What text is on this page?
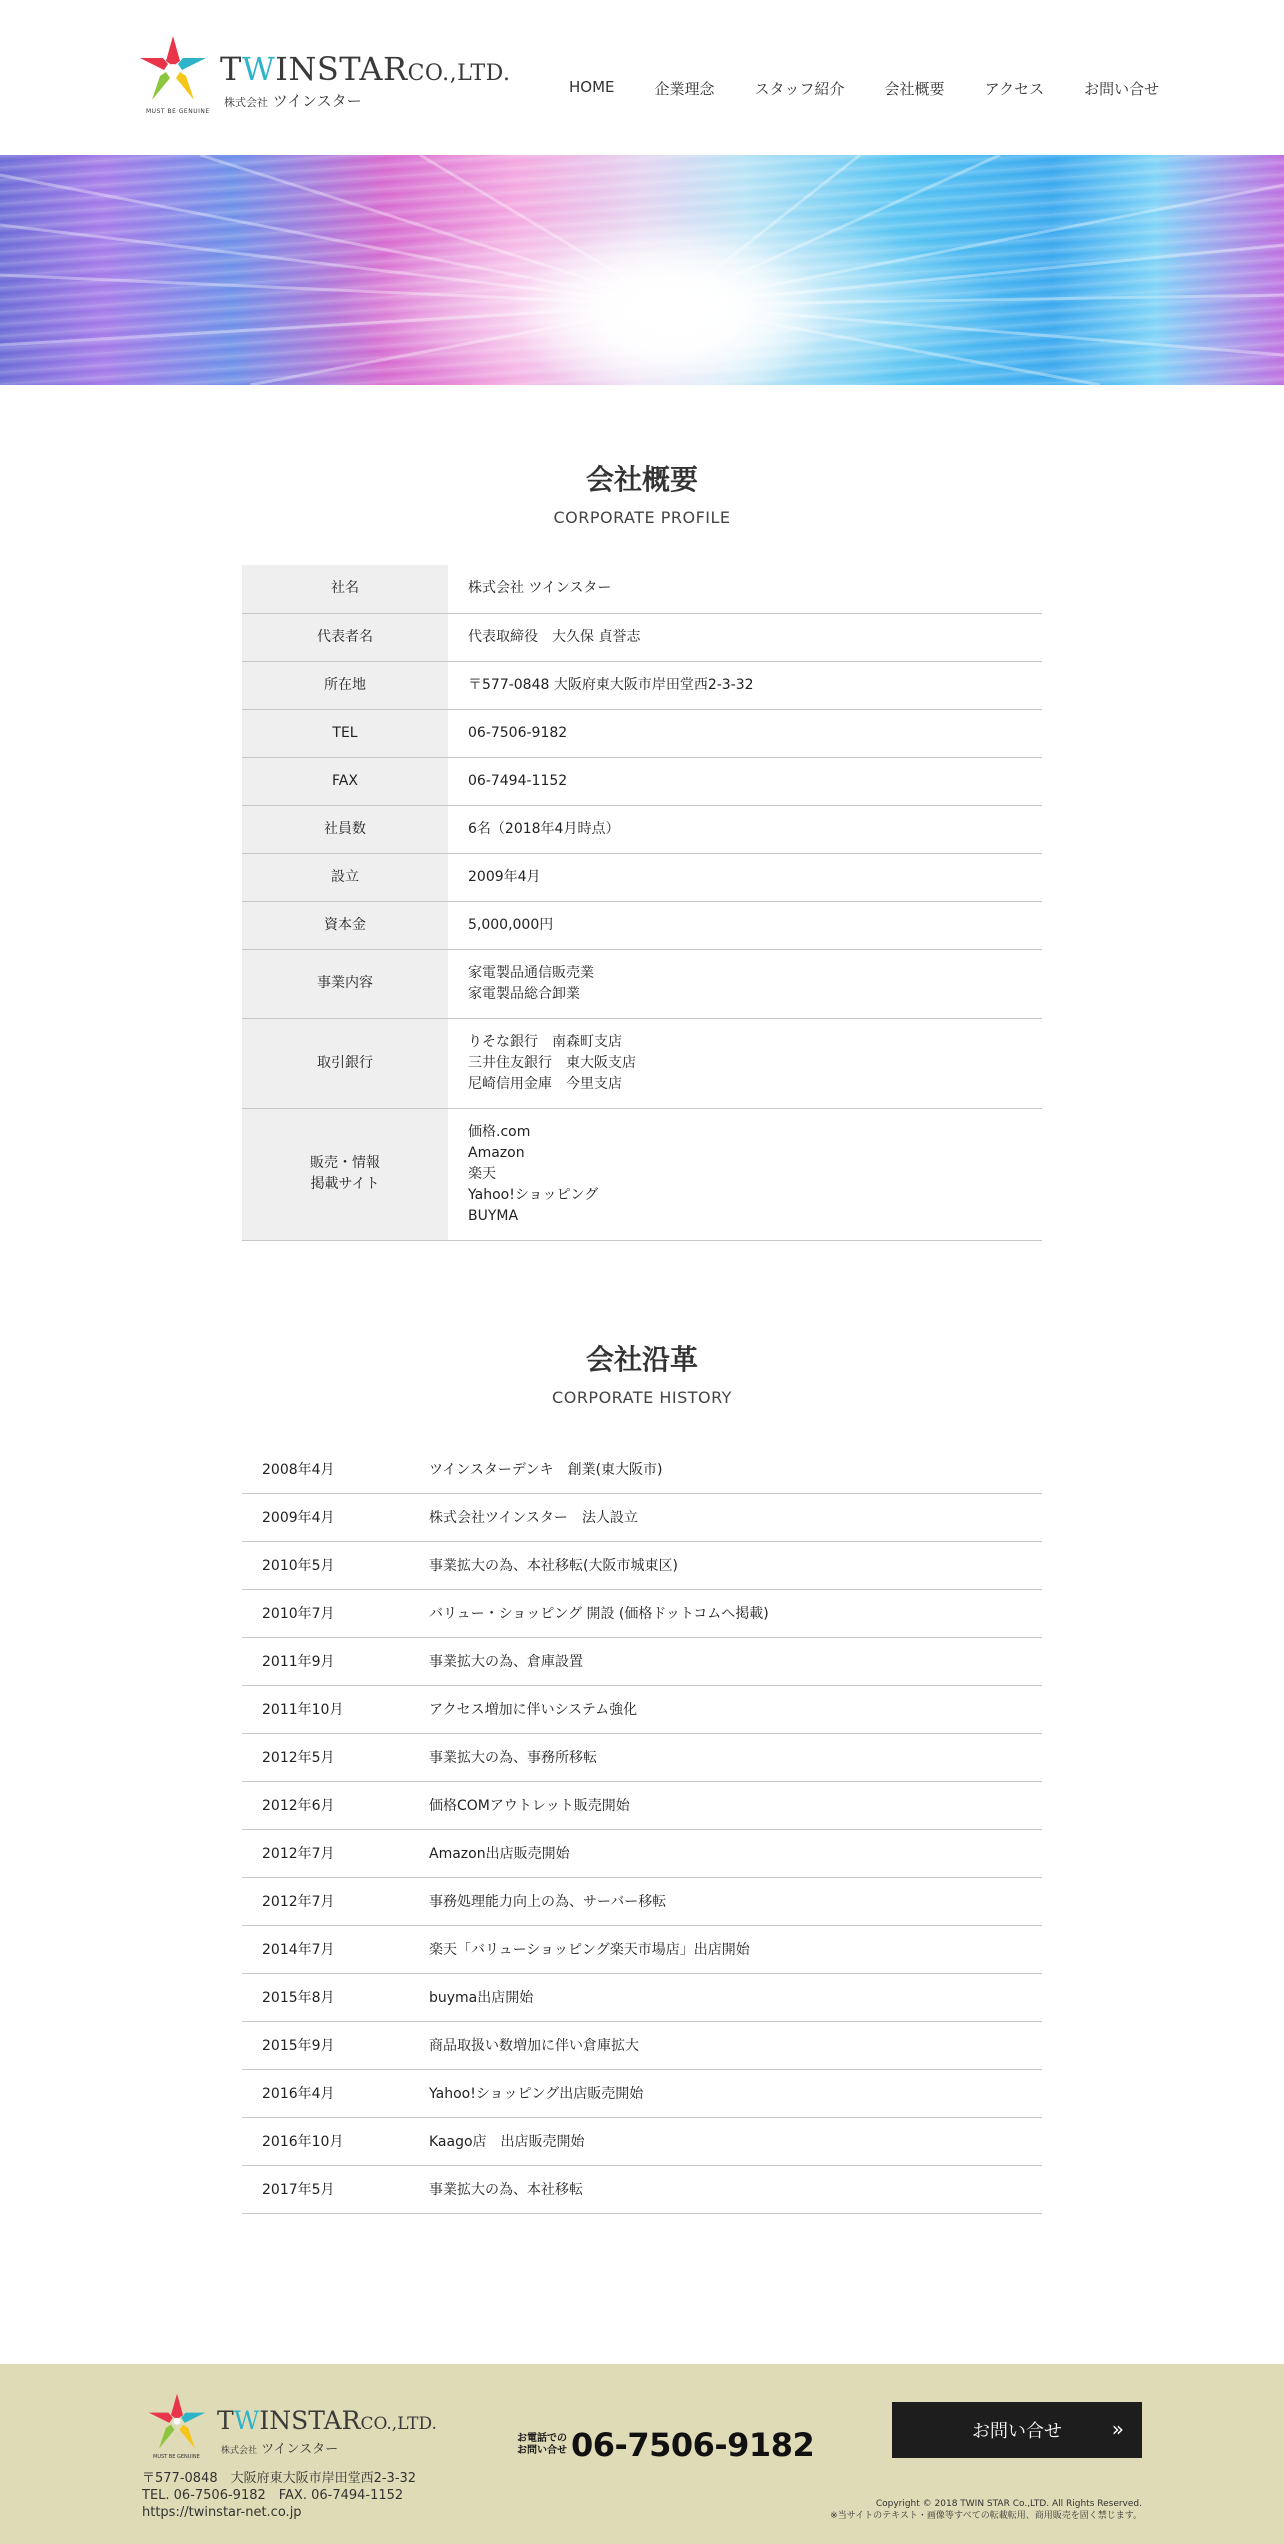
MUST BE GENUINE
TWINSTARCO.,LTD.
株式会社 ツインスター
HOME	企業理念	スタッフ紹介	会社概要	アクセス	お問い合せ
会社概要

CORPORATE PROFILE

社名	株式会社 ツインスター
代表者名	代表取締役　大久保 貞誉志
所在地	〒577-0848 大阪府東大阪市岸田堂西2-3-32
TEL	06-7506-9182
FAX	06-7494-1152
社員数	6名（2018年4月時点）
設立	2009年4月
資本金	5,000,000円
事業内容	家電製品通信販売業
家電製品総合卸業
取引銀行	りそな銀行　南森町支店
三井住友銀行　東大阪支店
尼崎信用金庫　今里支店
販売・情報
掲載サイト	価格.com
Amazon
楽天
Yahoo!ショッピング
BUYMA
会社沿革

CORPORATE HISTORY

2008年4月	ツインスターデンキ　創業(東大阪市)
2009年4月	株式会社ツインスター　法人設立
2010年5月	事業拡大の為、本社移転(大阪市城東区)
2010年7月	バリュー・ショッピング 開設 (価格ドットコムへ掲載)
2011年9月	事業拡大の為、倉庫設置
2011年10月	アクセス増加に伴いシステム強化
2012年5月	事業拡大の為、事務所移転
2012年6月	価格COMアウトレット販売開始
2012年7月	Amazon出店販売開始
2012年7月	事務処理能力向上の為、サーバー移転
2014年7月	楽天「バリューショッピング楽天市場店」出店開始
2015年8月	buyma出店開始
2015年9月	商品取扱い数増加に伴い倉庫拡大
2016年4月	Yahoo!ショッピング出店販売開始
2016年10月	Kaago店　出店販売開始
2017年5月	事業拡大の為、本社移転
MUST BE GENUINE
TWINSTARCO.,LTD.
株式会社 ツインスター
〒577-0848　大阪府東大阪市岸田堂西2-3-32
TEL. 06-7506-9182　FAX. 06-7494-1152
https://twinstar-net.co.jp
お電話での
お問い合せ 06-7506-9182	お問い合せ »
Copyright © 2018 TWIN STAR Co.,LTD. All Rights Reserved.
※当サイトのテキスト・画像等すべての転載転用、商用販売を固く禁じます。
